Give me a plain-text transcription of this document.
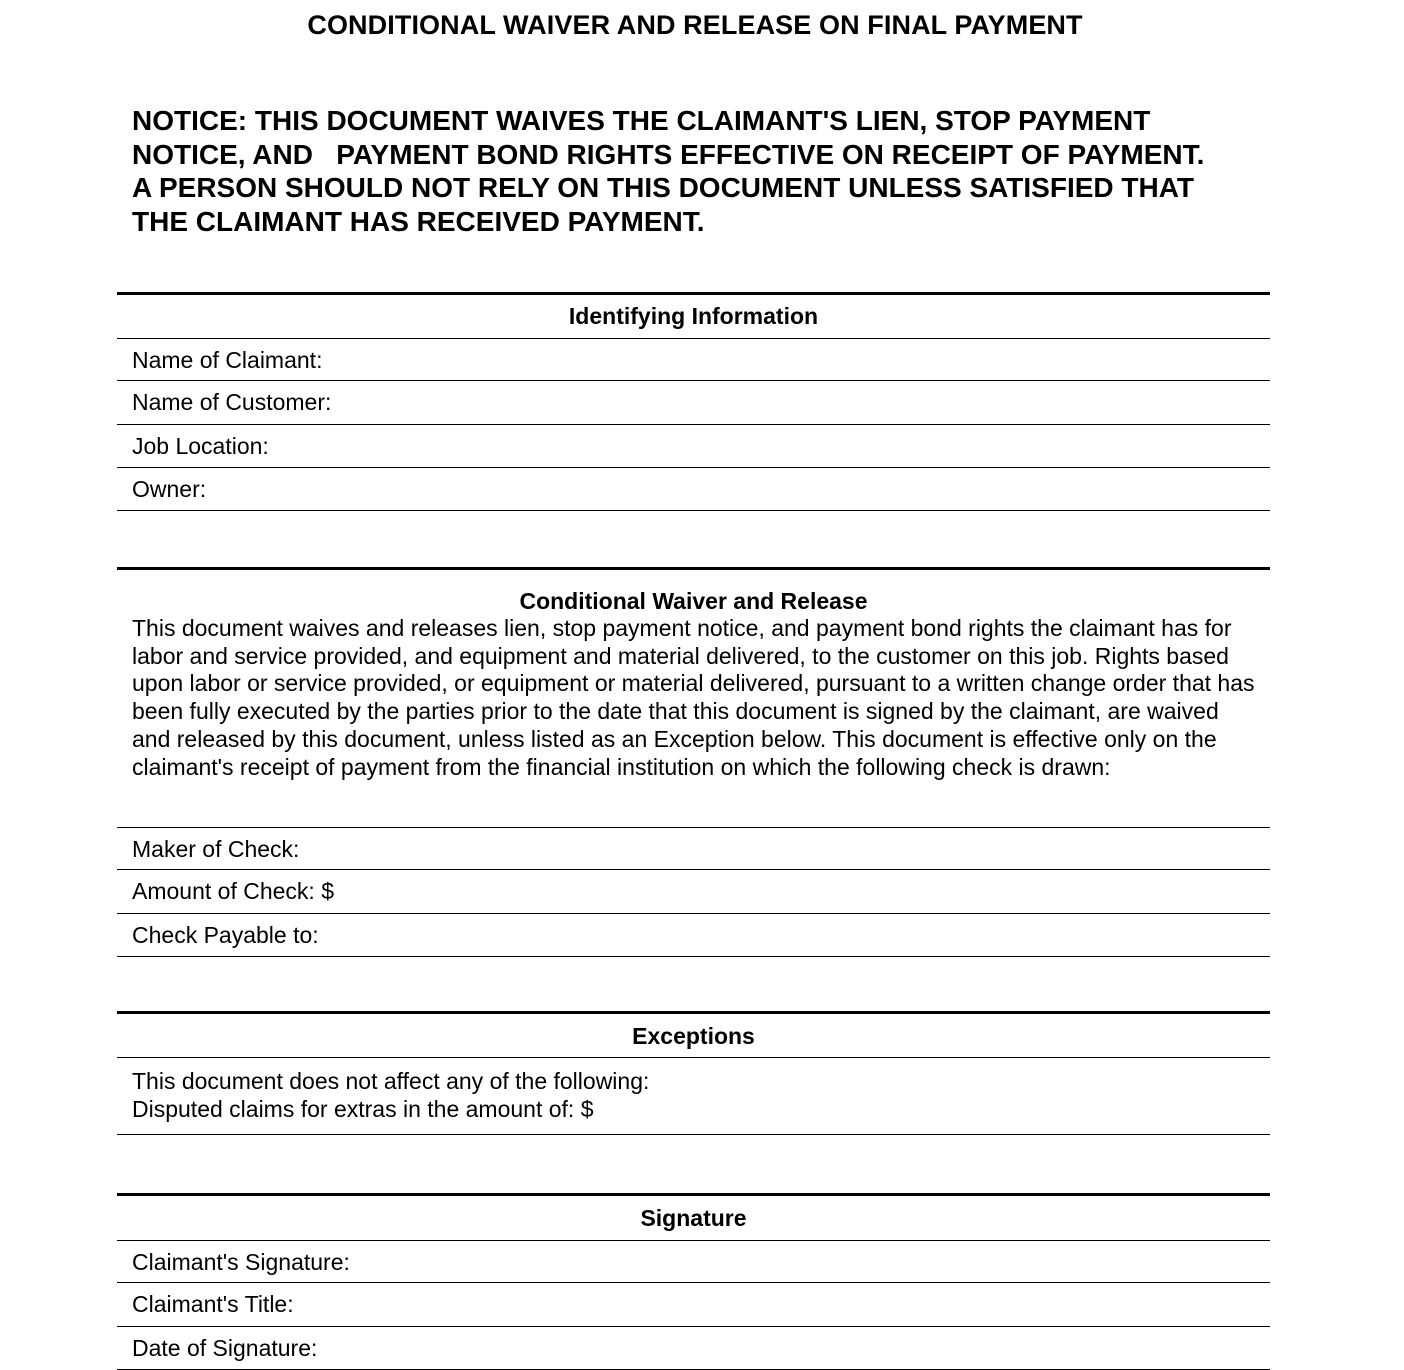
CONDITIONAL WAIVER AND RELEASE ON FINAL PAYMENT

NOTICE: THIS DOCUMENT WAIVES THE CLAIMANT'S LIEN, STOP PAYMENT
NOTICE, AND   PAYMENT BOND RIGHTS EFFECTIVE ON RECEIPT OF PAYMENT.
A PERSON SHOULD NOT RELY ON THIS DOCUMENT UNLESS SATISFIED THAT
THE CLAIMANT HAS RECEIVED PAYMENT.

Identifying Information
Name of Claimant:
Name of Customer:
Job Location:
Owner:
Conditional Waiver and Release
This document waives and releases lien, stop payment notice, and payment bond rights the claimant has for labor and service provided, and equipment and material delivered, to the customer on this job. Rights based upon labor or service provided, or equipment or material delivered, pursuant to a written change order that has been fully executed by the parties prior to the date that this document is signed by the claimant, are waived and released by this document, unless listed as an Exception below. This document is effective only on the claimant's receipt of payment from the financial institution on which the following check is drawn:
Maker of Check:
Amount of Check: $
Check Payable to:
Exceptions
This document does not affect any of the following:
Disputed claims for extras in the amount of: $
Signature
Claimant's Signature:
Claimant's Title:
Date of Signature:
